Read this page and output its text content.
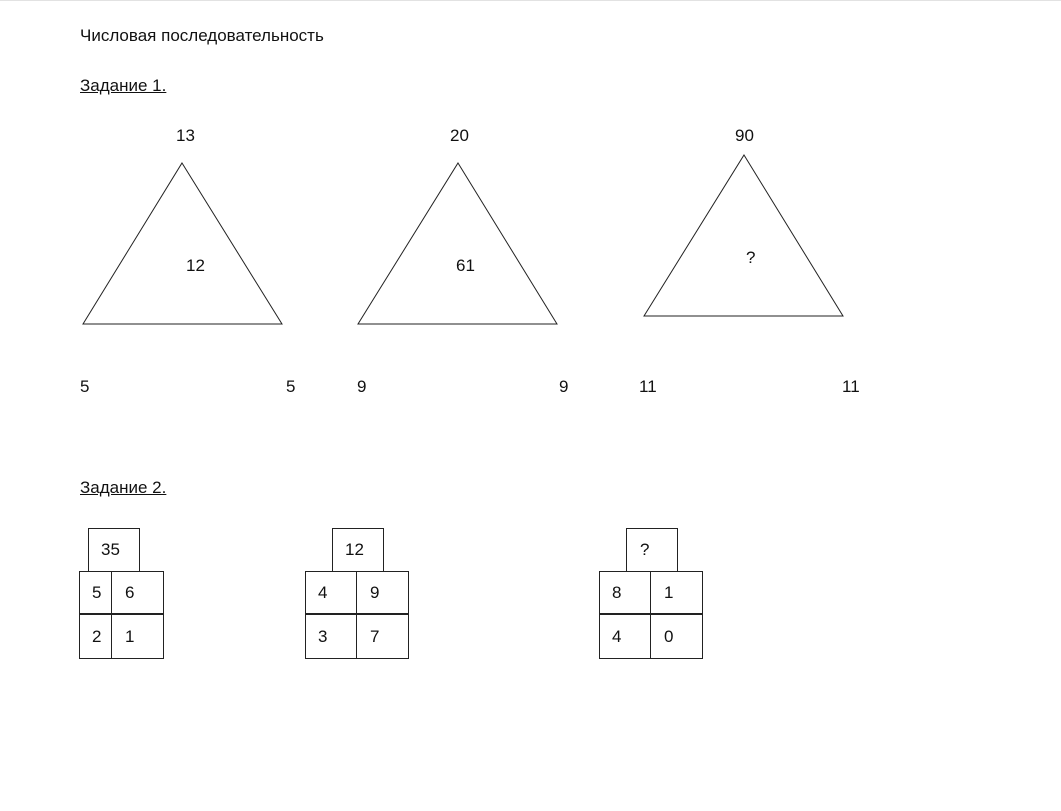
Числовая последовательность
Задание 1.
13
12
5	5
20
61
9	9
90
?
11	11
Задание 2.
35
5 6
2 1
12
4	9
3	7
?
8	1
4	0
